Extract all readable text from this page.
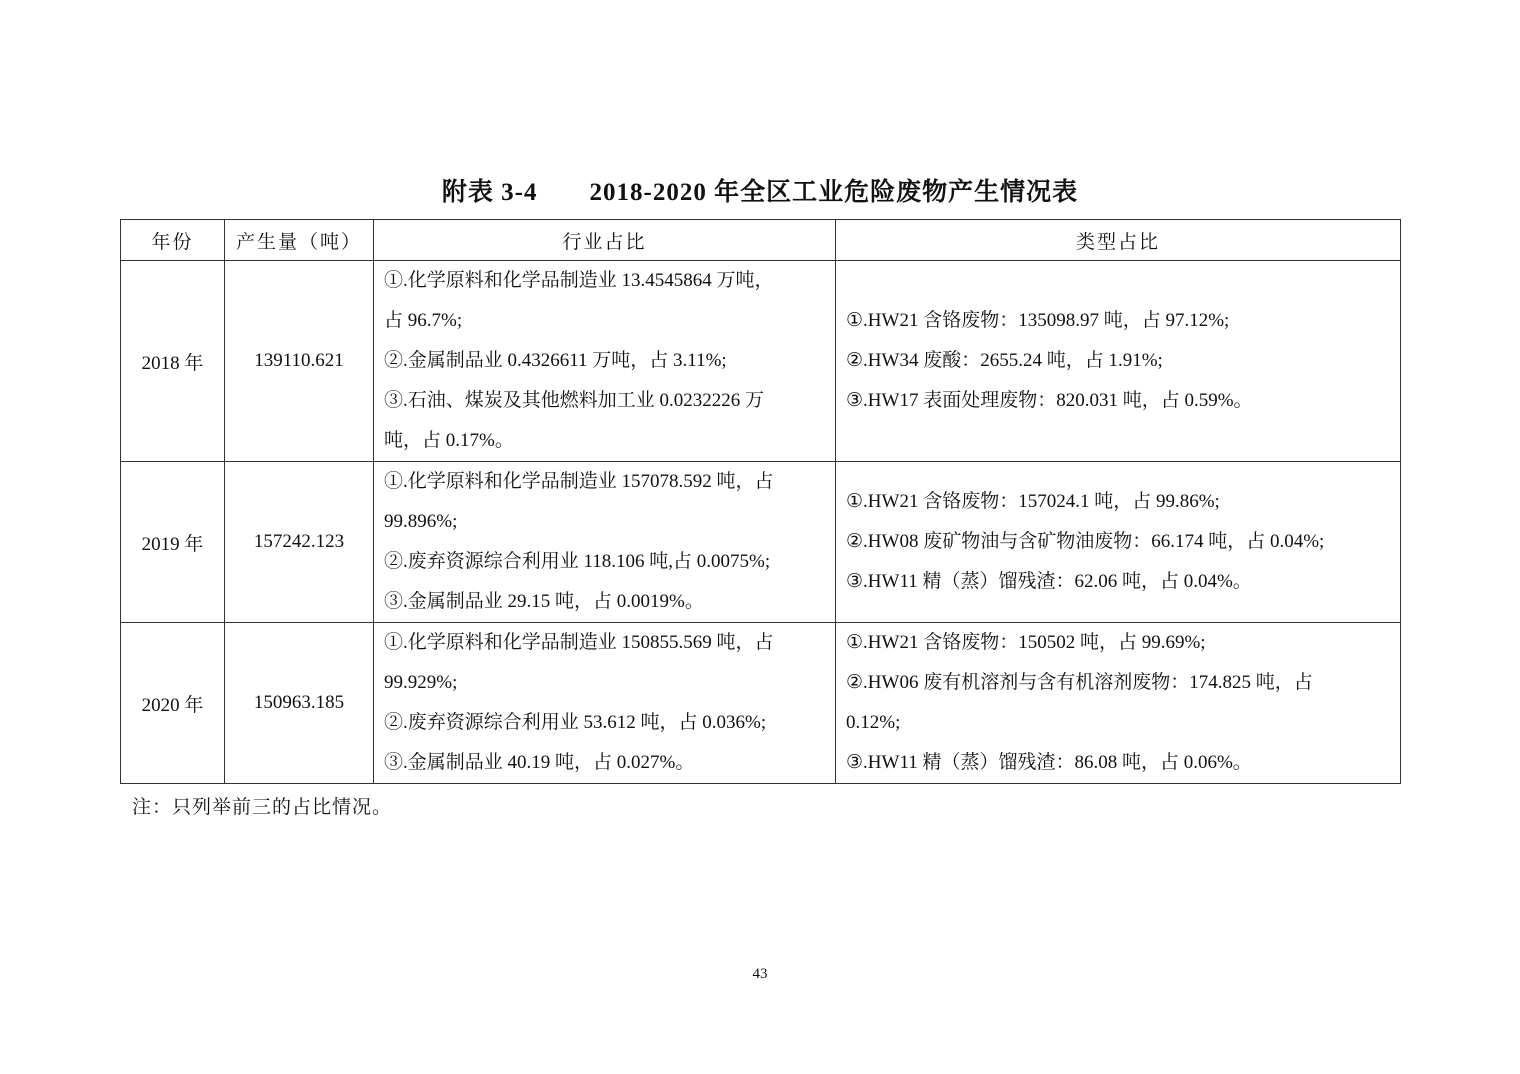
附表 3-4 2018-2020 年全区工业危险废物产生情况表
年份	产生量（吨）	行业占比	类型占比
2018 年	139110.621	①.化学原料和化学品制造业 13.4545864 万吨，
占 96.7%;
②.金属制品业 0.4326611 万吨，占 3.11%;
③.石油、煤炭及其他燃料加工业 0.0232226 万
吨，占 0.17%。	①.HW21 含铬废物：135098.97 吨，占 97.12%;
②.HW34 废酸：2655.24 吨，占 1.91%;
③.HW17 表面处理废物：820.031 吨，占 0.59%。

2019 年	157242.123	①.化学原料和化学品制造业 157078.592 吨，占
99.896%;
②.废弃资源综合利用业 118.106 吨,占 0.0075%;
③.金属制品业 29.15 吨，占 0.0019%。	①.HW21 含铬废物：157024.1 吨，占 99.86%;
②.HW08 废矿物油与含矿物油废物：66.174 吨，占 0.04%;
③.HW11 精（蒸）馏残渣：62.06 吨，占 0.04%。

2020 年	150963.185	①.化学原料和化学品制造业 150855.569 吨，占
99.929%;
②.废弃资源综合利用业 53.612 吨，占 0.036%;
③.金属制品业 40.19 吨，占 0.027%。	①.HW21 含铬废物：150502 吨，占 99.69%;
②.HW06 废有机溶剂与含有机溶剂废物：174.825 吨，占
0.12%;
③.HW11 精（蒸）馏残渣：86.08 吨，占 0.06%。
注：只列举前三的占比情况。
43
